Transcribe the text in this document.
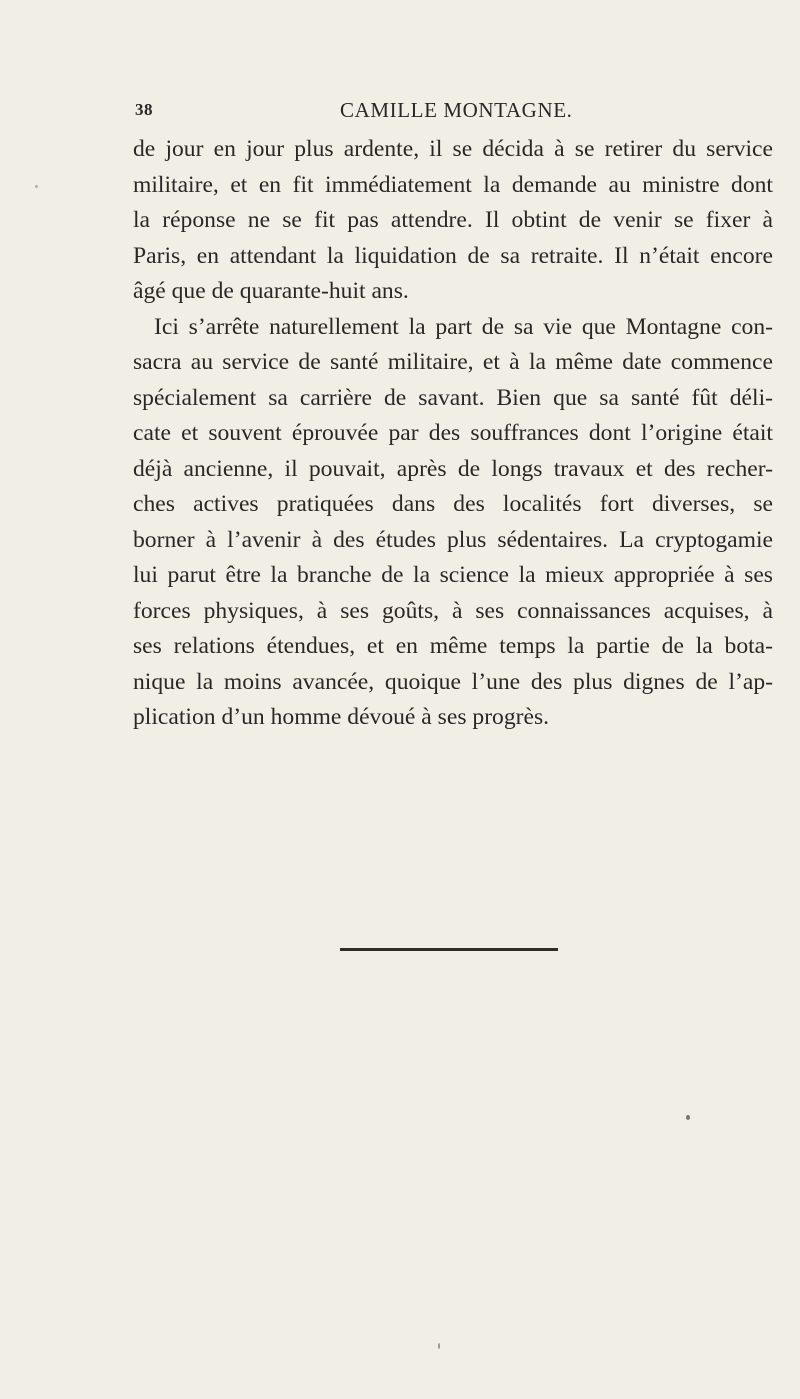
38	CAMILLE MONTAGNE.
de jour en jour plus ardente, il se décida à se retirer du service
militaire, et en fit immédiatement la demande au ministre dont
la réponse ne se fit pas attendre. Il obtint de venir se fixer à
Paris, en attendant la liquidation de sa retraite. Il n’était encore
âgé que de quarante-huit ans.
Ici s’arrête naturellement la part de sa vie que Montagne con-
sacra au service de santé militaire, et à la même date commence
spécialement sa carrière de savant. Bien que sa santé fût déli-
cate et souvent éprouvée par des souffrances dont l’origine était
déjà ancienne, il pouvait, après de longs travaux et des recher-
ches actives pratiquées dans des localités fort diverses, se
borner à l’avenir à des études plus sédentaires. La cryptogamie
lui parut être la branche de la science la mieux appropriée à ses
forces physiques, à ses goûts, à ses connaissances acquises, à
ses relations étendues, et en même temps la partie de la bota-
nique la moins avancée, quoique l’une des plus dignes de l’ap-
plication d’un homme dévoué à ses progrès.
